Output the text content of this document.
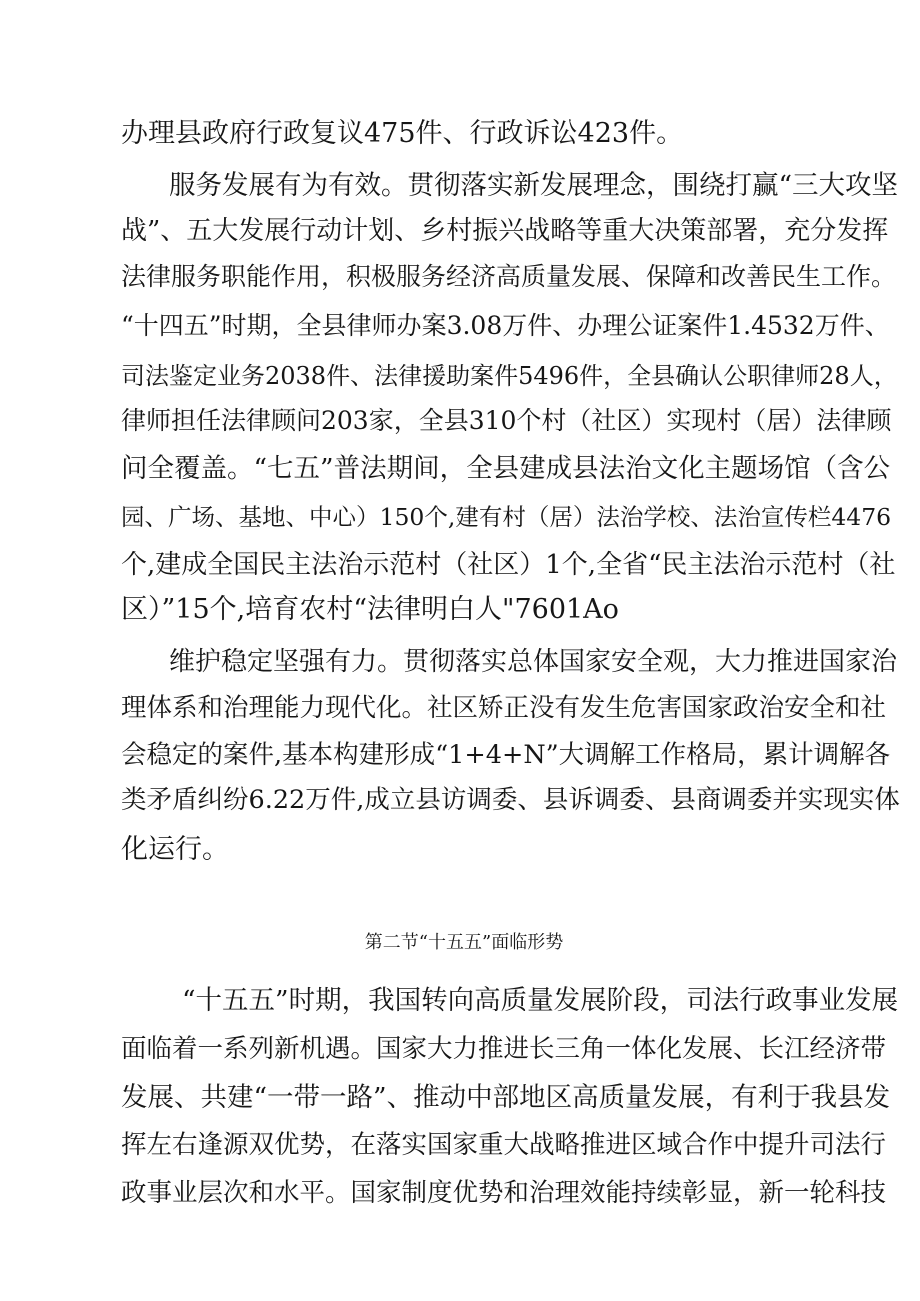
办理县政府行政复议475件、行政诉讼423件。
服务发展有为有效。贯彻落实新发展理念，围绕打赢“三大攻坚
战”、五大发展行动计划、乡村振兴战略等重大决策部署，充分发挥
法律服务职能作用，积极服务经济高质量发展、保障和改善民生工作。
“十四五”时期，全县律师办案3.08万件、办理公证案件1.4532万件、
司法鉴定业务2038件、法律援助案件5496件，全县确认公职律师28人，
律师担任法律顾问203家，全县310个村（社区）实现村（居）法律顾
问全覆盖。“七五”普法期间，全县建成县法治文化主题场馆（含公
园、广场、基地、中心）150个,建有村（居）法治学校、法治宣传栏4476
个,建成全国民主法治示范村（社区）1个,全省“民主法治示范村（社
区）”15个,培育农村“法律明白人"7601Ao
维护稳定坚强有力。贯彻落实总体国家安全观，大力推进国家治
理体系和治理能力现代化。社区矫正没有发生危害国家政治安全和社
会稳定的案件,基本构建形成“1+4+N”大调解工作格局，累计调解各
类矛盾纠纷6.22万件,成立县访调委、县诉调委、县商调委并实现实体
化运行。
第二节“十五五”面临形势
“十五五”时期，我国转向高质量发展阶段，司法行政事业发展
面临着一系列新机遇。国家大力推进长三角一体化发展、长江经济带
发展、共建“一带一路”、推动中部地区高质量发展，有利于我县发
挥左右逢源双优势，在落实国家重大战略推进区域合作中提升司法行
政事业层次和水平。国家制度优势和治理效能持续彰显，新一轮科技
